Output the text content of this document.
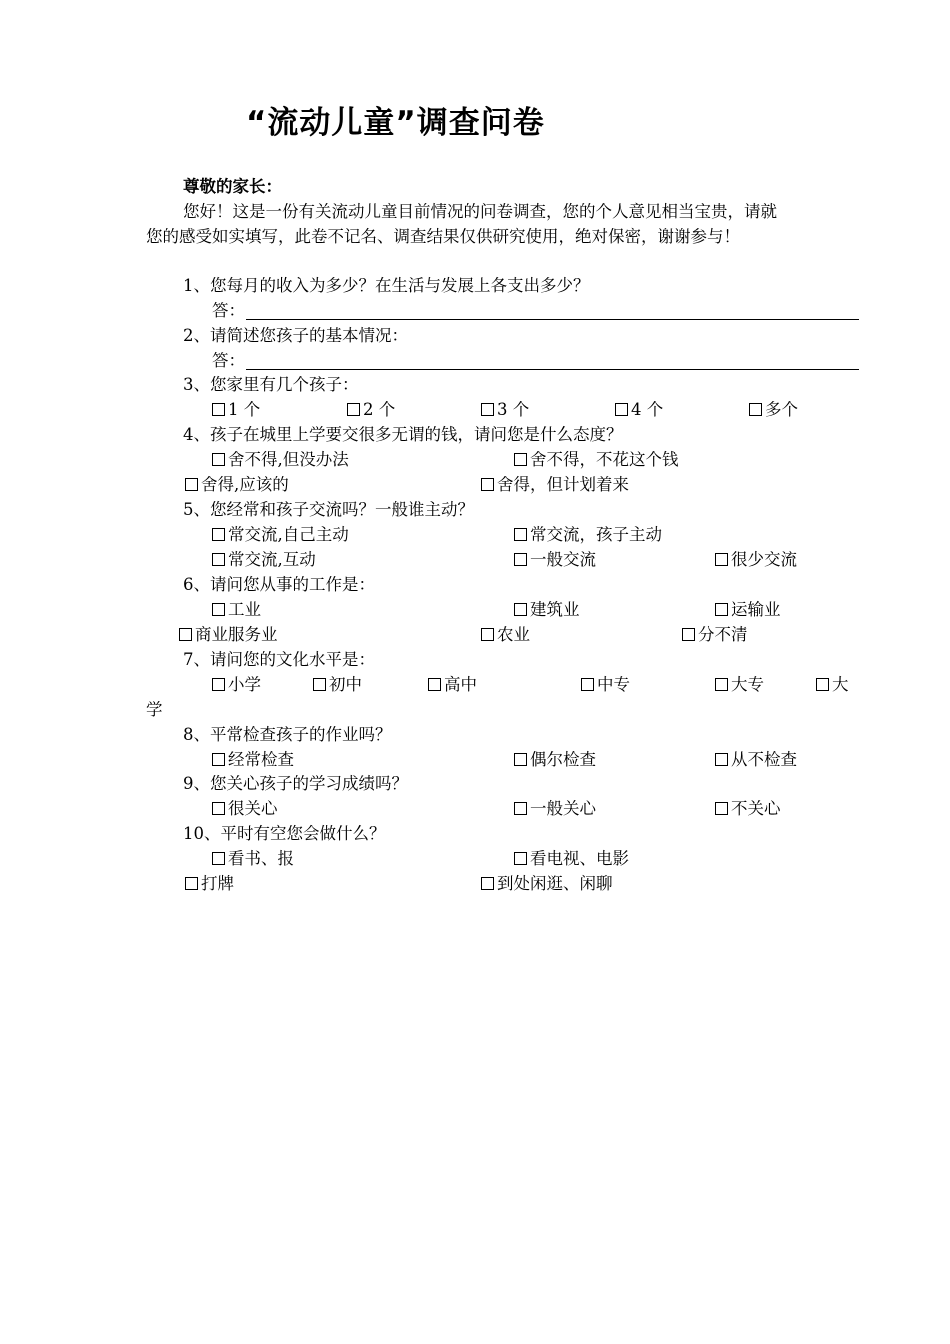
“流动儿童”调查问卷
尊敬的家长：
您好！这是一份有关流动儿童目前情况的问卷调查，您的个人意见相当宝贵，请就
您的感受如实填写，此卷不记名、调查结果仅供研究使用，绝对保密，谢谢参与！
1、您每月的收入为多少？在生活与发展上各支出多少？
答：
2、请简述您孩子的基本情况：
答：
3、您家里有几个孩子：
1 个	2 个	3 个	4 个	多个
4、孩子在城里上学要交很多无谓的钱，请问您是什么态度？
舍不得,但没办法	舍不得，不花这个钱
舍得,应该的	舍得，但计划着来
5、您经常和孩子交流吗？一般谁主动？
常交流,自己主动	常交流，孩子主动
常交流,互动	一般交流	很少交流
6、请问您从事的工作是：
工业	建筑业	运输业
商业服务业	农业	分不清
7、请问您的文化水平是：
小学	初中	高中	中专	大专	大
学
8、平常检查孩子的作业吗？
经常检查	偶尔检查	从不检查
9、您关心孩子的学习成绩吗？
很关心	一般关心	不关心
10、平时有空您会做什么？
看书、报	看电视、电影
打牌	到处闲逛、闲聊
